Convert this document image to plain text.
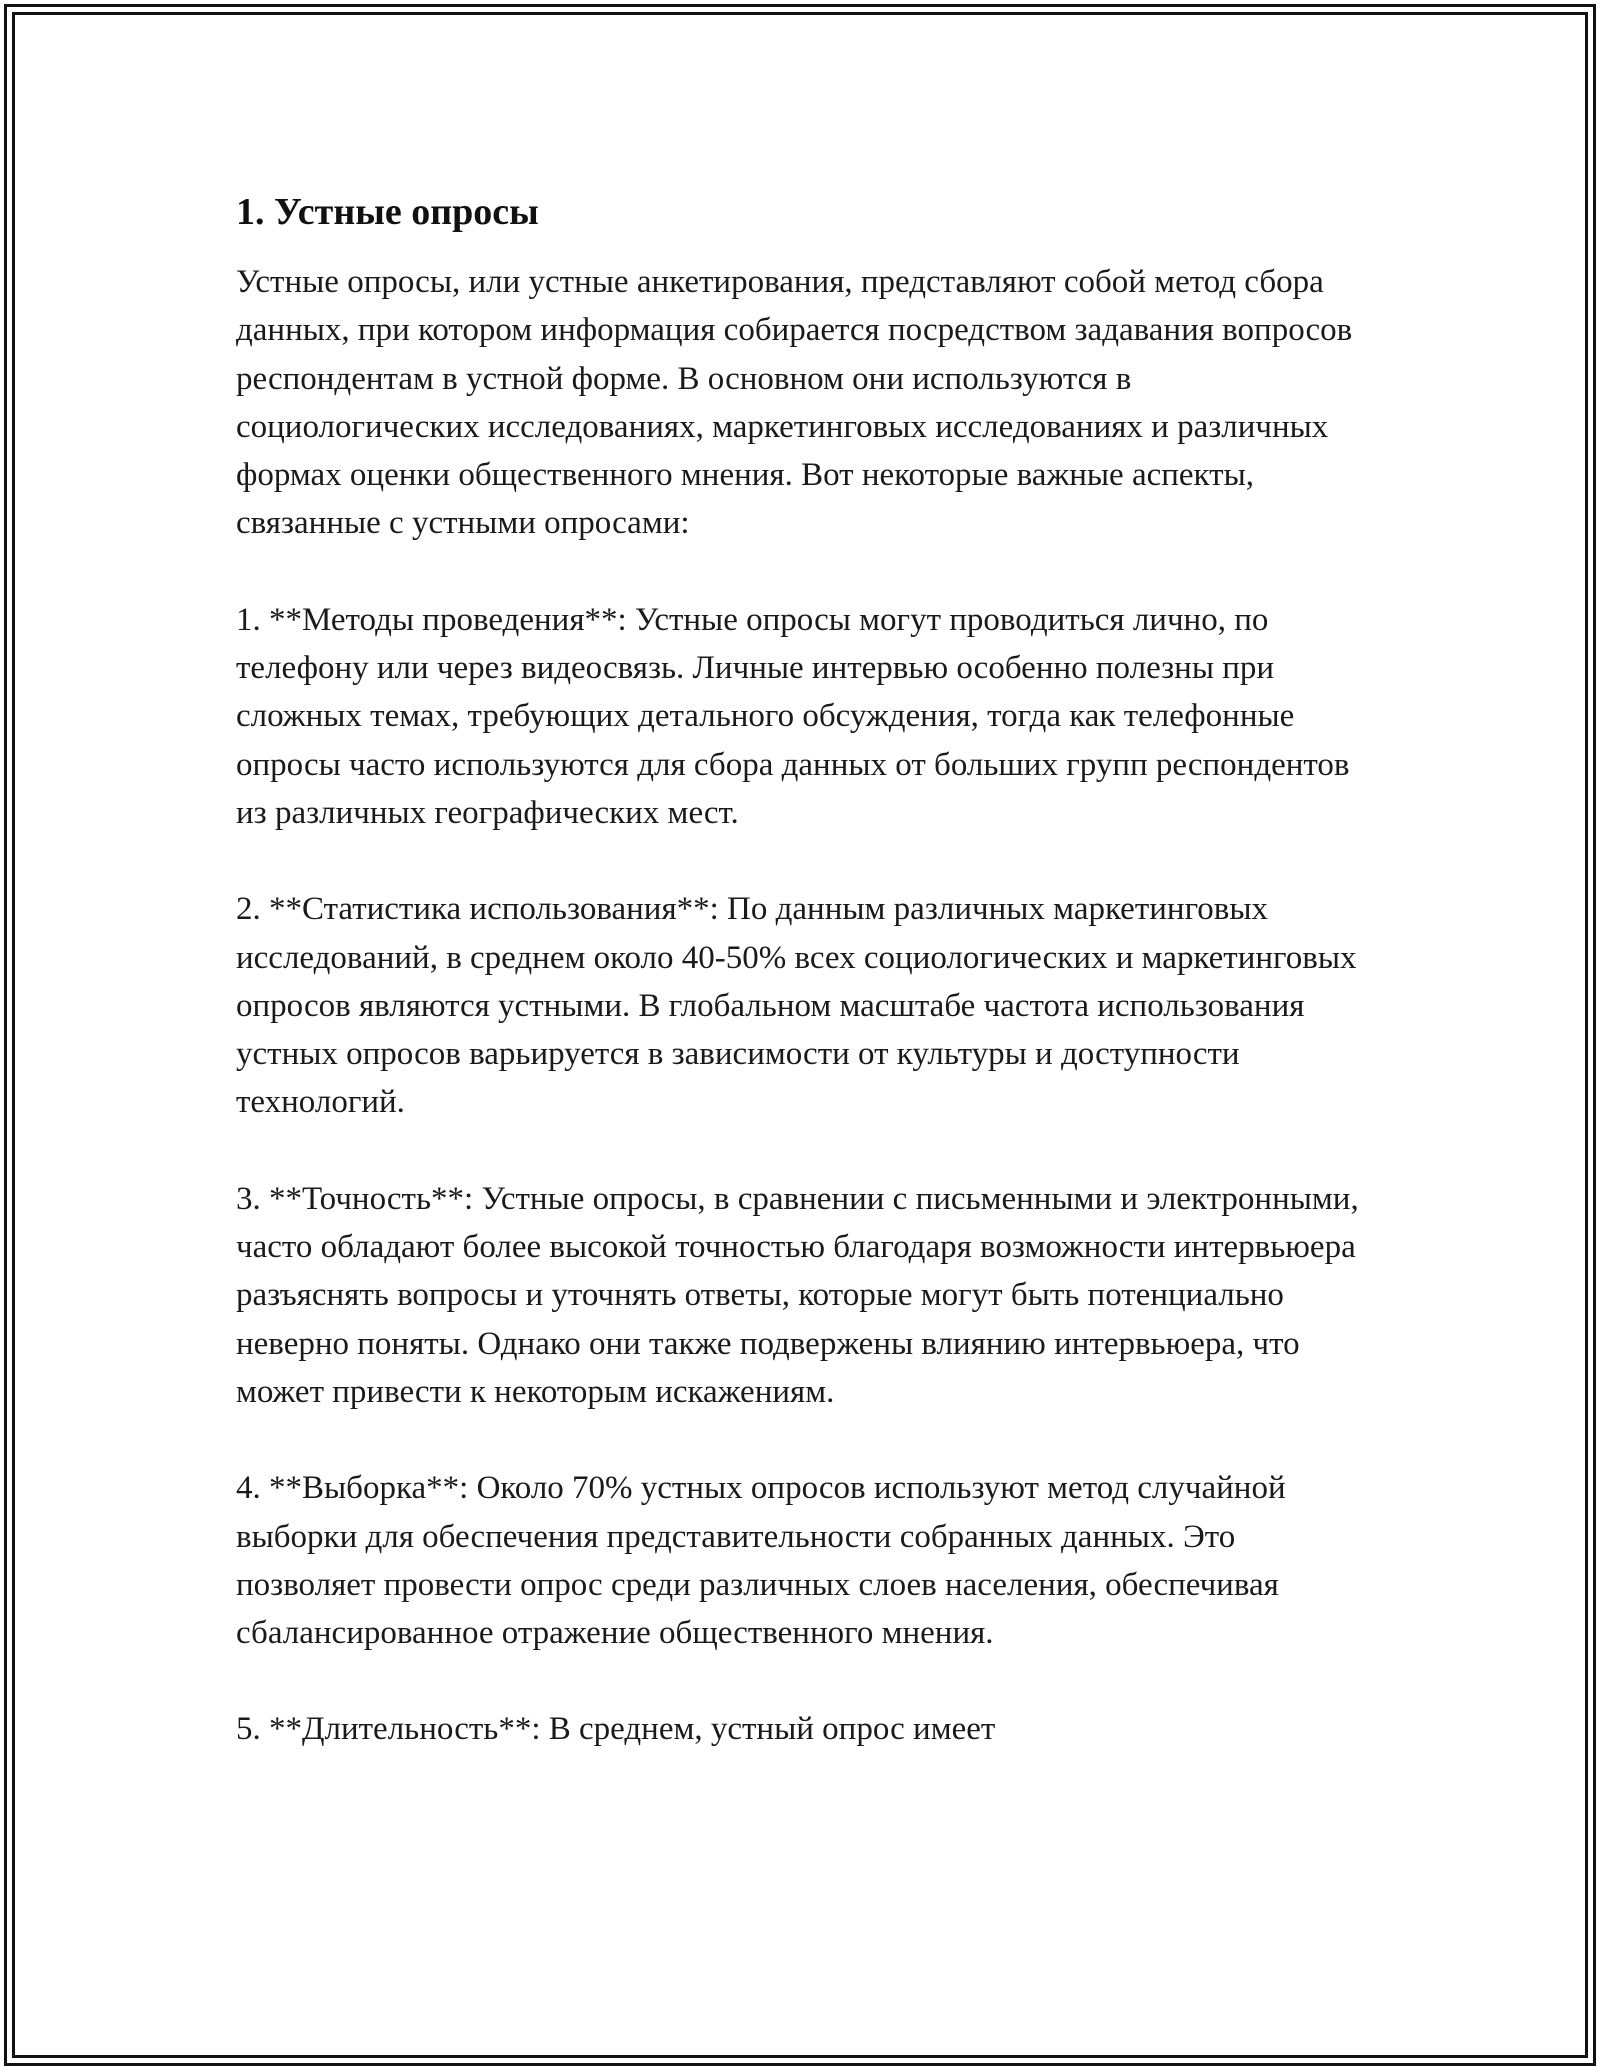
1. Устные опросы

Устные опросы, или устные анкетирования, представляют собой метод сбора данных, при котором информация собирается посредством задавания вопросов респондентам в устной форме. В основном они используются в социологических исследованиях, маркетинговых исследованиях и различных формах оценки общественного мнения. Вот некоторые важные аспекты, связанные с устными опросами:

1. **Методы проведения**: Устные опросы могут проводиться лично, по телефону или через видеосвязь. Личные интервью особенно полезны при сложных темах, требующих детального обсуждения, тогда как телефонные опросы часто используются для сбора данных от больших групп респондентов из различных географических мест.

2. **Статистика использования**: По данным различных маркетинговых исследований, в среднем около 40-50% всех социологических и маркетинговых опросов являются устными. В глобальном масштабе частота использования устных опросов варьируется в зависимости от культуры и доступности технологий.

3. **Точность**: Устные опросы, в сравнении с письменными и электронными, часто обладают более высокой точностью благодаря возможности интервьюера разъяснять вопросы и уточнять ответы, которые могут быть потенциально неверно поняты. Однако они также подвержены влиянию интервьюера, что может привести к некоторым искажениям.

4. **Выборка**: Около 70% устных опросов используют метод случайной выборки для обеспечения представительности собранных данных. Это позволяет провести опрос среди различных слоев населения, обеспечивая сбалансированное отражение общественного мнения.

5. **Длительность**: В среднем, устный опрос имеет
